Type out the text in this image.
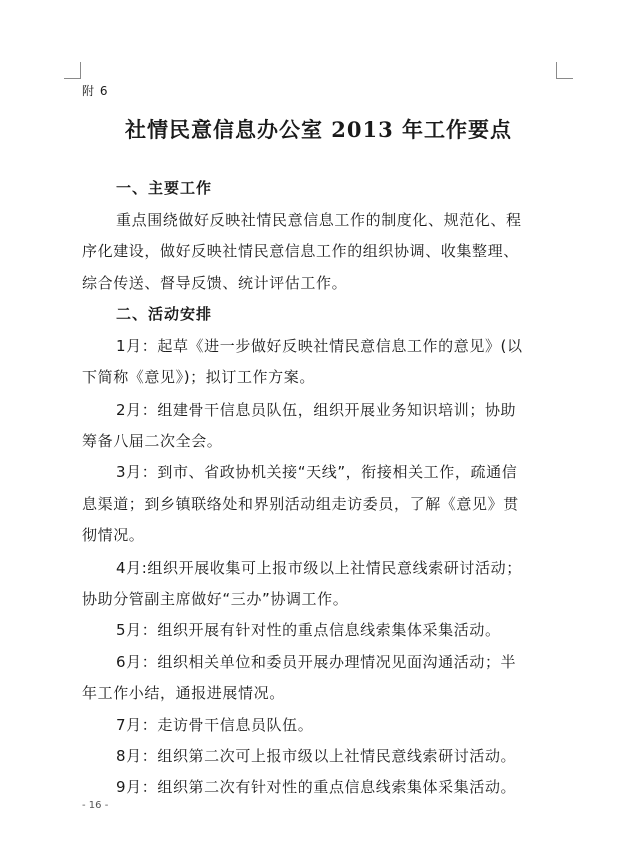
附 6
社情民意信息办公室 2013 年工作要点
一、主要工作
重点围绕做好反映社情民意信息工作的制度化、规范化、程
序化建设，做好反映社情民意信息工作的组织协调、收集整理、
综合传送、督导反馈、统计评估工作。
二、活动安排
1月：起草《进一步做好反映社情民意信息工作的意见》(以
下简称《意见》)；拟订工作方案。
2月：组建骨干信息员队伍，组织开展业务知识培训；协助
筹备八届二次全会。
3月：到市、省政协机关接“天线”，衔接相关工作，疏通信
息渠道；到乡镇联络处和界别活动组走访委员，了解《意见》贯
彻情况。
4月:组织开展收集可上报市级以上社情民意线索研讨活动；
协助分管副主席做好“三办”协调工作。
5月：组织开展有针对性的重点信息线索集体采集活动。
6月：组织相关单位和委员开展办理情况见面沟通活动；半
年工作小结，通报进展情况。
7月：走访骨干信息员队伍。
8月：组织第二次可上报市级以上社情民意线索研讨活动。
9月：组织第二次有针对性的重点信息线索集体采集活动。
- 16 -
